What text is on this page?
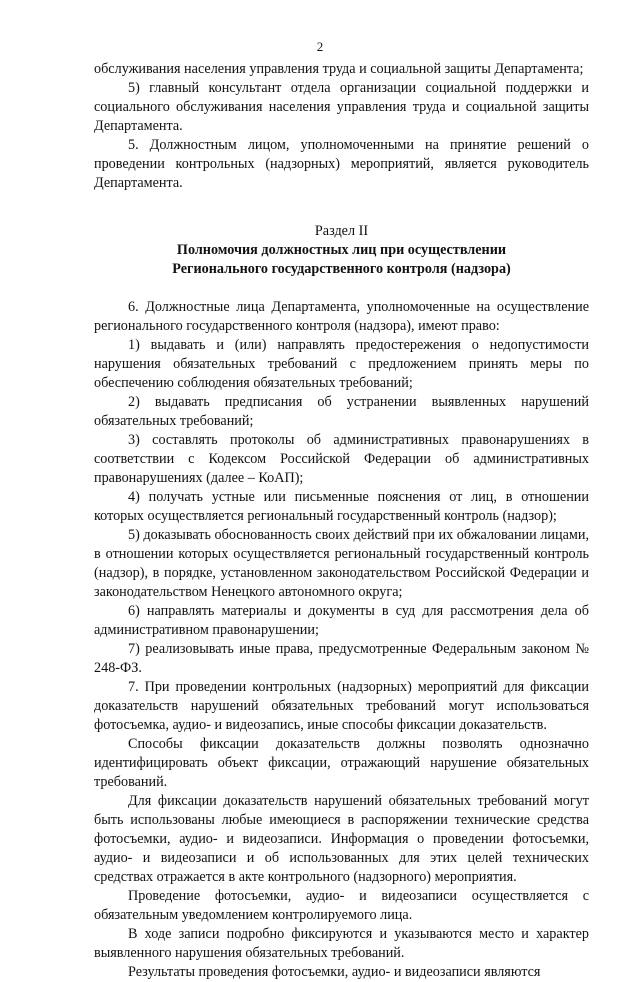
2

обслуживания населения управления труда и социальной защиты Департамента;

5) главный консультант отдела организации социальной поддержки и социального обслуживания населения управления труда и социальной защиты Департамента.

5. Должностным лицом, уполномоченными на принятие решений о проведении контрольных (надзорных) мероприятий, является руководитель Департамента.

Раздел II

Полномочия должностных лиц при осуществлении

Регионального государственного контроля (надзора)

6. Должностные лица Департамента, уполномоченные на осуществление регионального государственного контроля (надзора), имеют право:

1) выдавать и (или) направлять предостережения о недопустимости нарушения обязательных требований с предложением принять меры по обеспечению соблюдения обязательных требований;

2) выдавать предписания об устранении выявленных нарушений обязательных требований;

3) составлять протоколы об административных правонарушениях в соответствии с Кодексом Российской Федерации об административных правонарушениях (далее – КоАП);

4) получать устные или письменные пояснения от лиц, в отношении которых осуществляется региональный государственный контроль (надзор);

5) доказывать обоснованность своих действий при их обжаловании лицами, в отношении которых осуществляется региональный государственный контроль (надзор), в порядке, установленном законодательством Российской Федерации и законодательством Ненецкого автономного округа;

6) направлять материалы и документы в суд для рассмотрения дела об административном правонарушении;

7) реализовывать иные права, предусмотренные Федеральным законом № 248-ФЗ.

7. При проведении контрольных (надзорных) мероприятий для фиксации доказательств нарушений обязательных требований могут использоваться фотосъемка, аудио- и видеозапись, иные способы фиксации доказательств.

Способы фиксации доказательств должны позволять однозначно идентифицировать объект фиксации, отражающий нарушение обязательных требований.

Для фиксации доказательств нарушений обязательных требований могут быть использованы любые имеющиеся в распоряжении технические средства фотосъемки, аудио- и видеозаписи. Информация о проведении фотосъемки, аудио- и видеозаписи и об использованных для этих целей технических средствах отражается в акте контрольного (надзорного) мероприятия.

Проведение фотосъемки, аудио- и видеозаписи осуществляется с обязательным уведомлением контролируемого лица.

В ходе записи подробно фиксируются и указываются место и характер выявленного нарушения обязательных требований.

Результаты проведения фотосъемки, аудио- и видеозаписи являются
